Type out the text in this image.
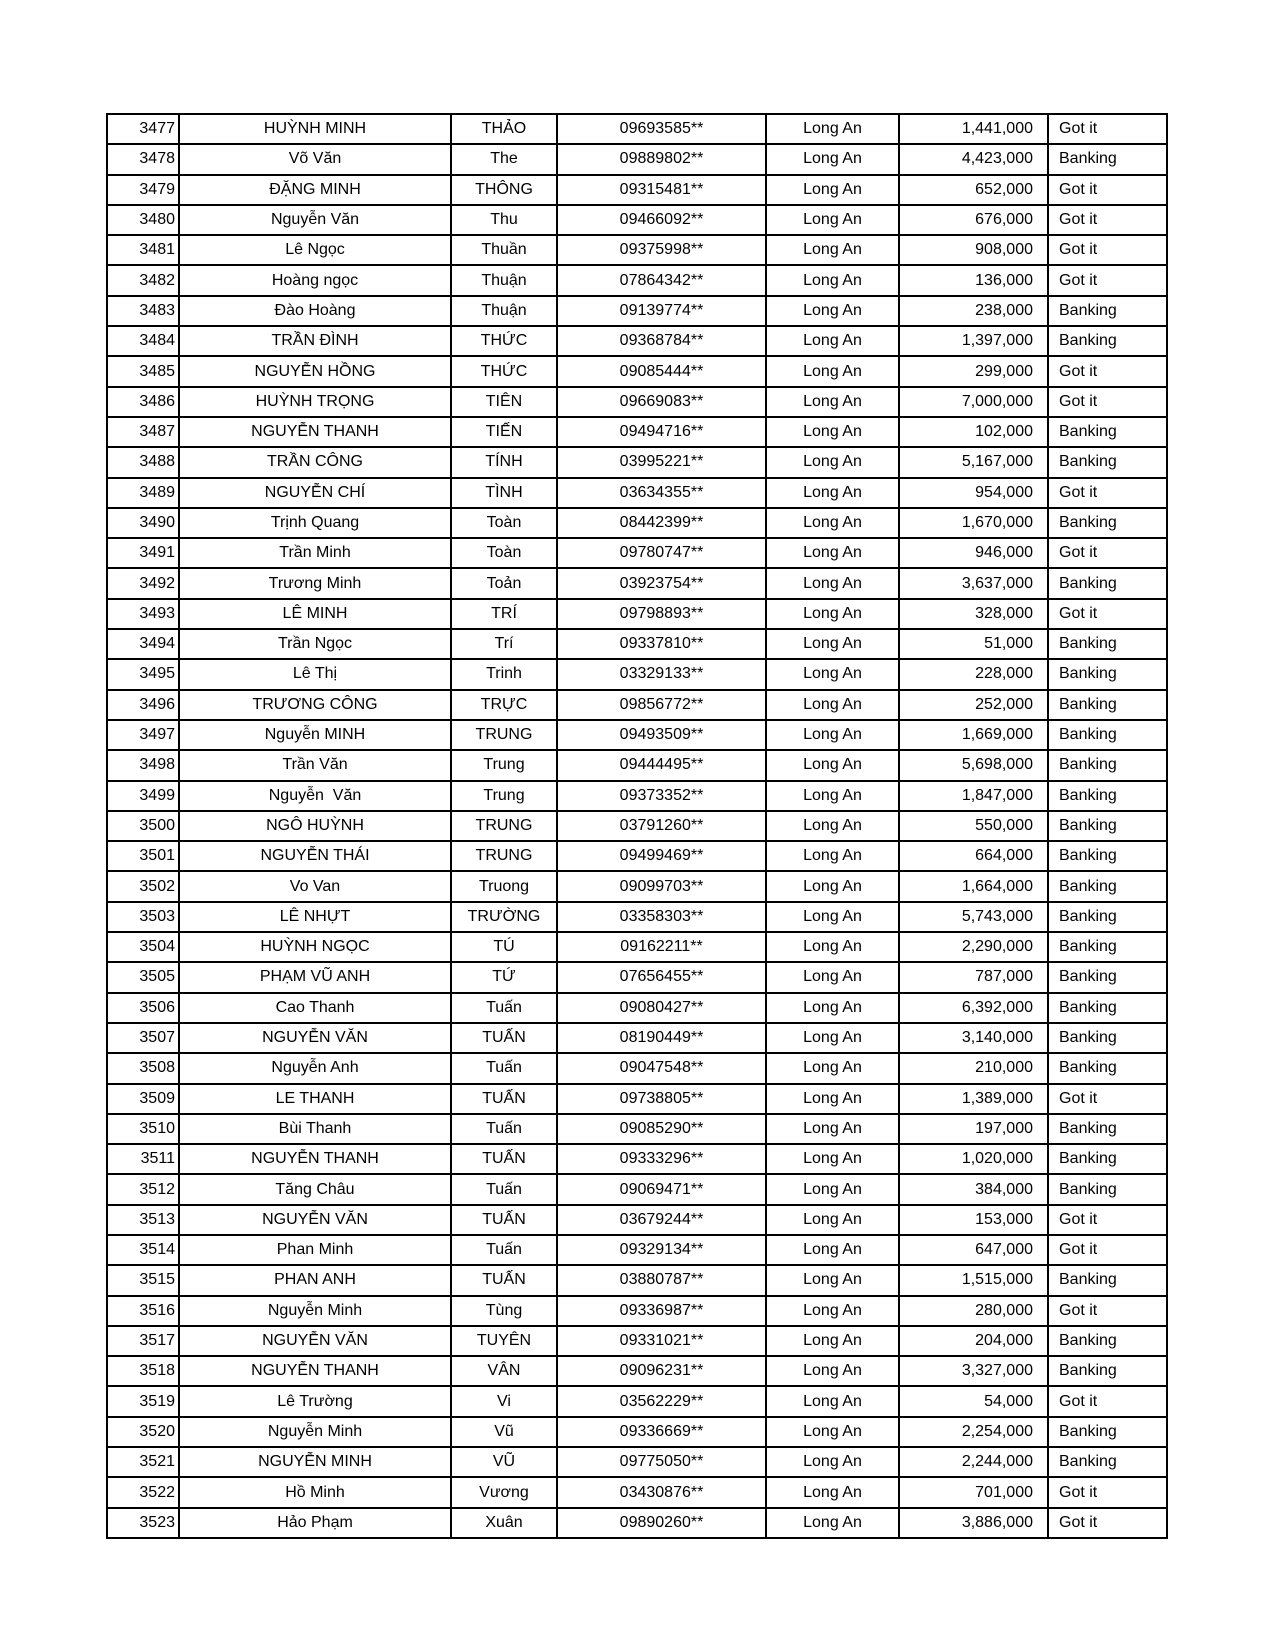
3477	HUỲNH MINH	THẢO	09693585**	Long An	1,441,000	Got it
3478	Võ Văn	The	09889802**	Long An	4,423,000	Banking
3479	ĐẶNG MINH	THÔNG	09315481**	Long An	652,000	Got it
3480	Nguyễn Văn	Thu	09466092**	Long An	676,000	Got it
3481	Lê Ngọc	Thuần	09375998**	Long An	908,000	Got it
3482	Hoàng ngọc	Thuận	07864342**	Long An	136,000	Got it
3483	Đào Hoàng	Thuận	09139774**	Long An	238,000	Banking
3484	TRẦN ĐÌNH	THỨC	09368784**	Long An	1,397,000	Banking
3485	NGUYỄN HỒNG	THỨC	09085444**	Long An	299,000	Got it
3486	HUỲNH TRỌNG	TIÊN	09669083**	Long An	7,000,000	Got it
3487	NGUYỄN THANH	TIẾN	09494716**	Long An	102,000	Banking
3488	TRẦN CÔNG	TÍNH	03995221**	Long An	5,167,000	Banking
3489	NGUYỄN CHÍ	TÌNH	03634355**	Long An	954,000	Got it
3490	Trịnh Quang	Toàn	08442399**	Long An	1,670,000	Banking
3491	Trần Minh	Toàn	09780747**	Long An	946,000	Got it
3492	Trương Minh	Toản	03923754**	Long An	3,637,000	Banking
3493	LÊ MINH	TRÍ	09798893**	Long An	328,000	Got it
3494	Trần Ngọc	Trí	09337810**	Long An	51,000	Banking
3495	Lê Thị	Trinh	03329133**	Long An	228,000	Banking
3496	TRƯƠNG CÔNG	TRỰC	09856772**	Long An	252,000	Banking
3497	Nguyễn MINH	TRUNG	09493509**	Long An	1,669,000	Banking
3498	Trần Văn	Trung	09444495**	Long An	5,698,000	Banking
3499	Nguyễn  Văn	Trung	09373352**	Long An	1,847,000	Banking
3500	NGÔ HUỲNH	TRUNG	03791260**	Long An	550,000	Banking
3501	NGUYỄN THÁI	TRUNG	09499469**	Long An	664,000	Banking
3502	Vo Van	Truong	09099703**	Long An	1,664,000	Banking
3503	LÊ NHỰT	TRƯỜNG	03358303**	Long An	5,743,000	Banking
3504	HUỲNH NGỌC	TÚ	09162211**	Long An	2,290,000	Banking
3505	PHẠM VŨ ANH	TỨ	07656455**	Long An	787,000	Banking
3506	Cao Thanh	Tuấn	09080427**	Long An	6,392,000	Banking
3507	NGUYỄN VĂN	TUẤN	08190449**	Long An	3,140,000	Banking
3508	Nguyễn Anh	Tuấn	09047548**	Long An	210,000	Banking
3509	LE THANH	TUẤN	09738805**	Long An	1,389,000	Got it
3510	Bùi Thanh	Tuấn	09085290**	Long An	197,000	Banking
3511	NGUYỄN THANH	TUẤN	09333296**	Long An	1,020,000	Banking
3512	Tăng Châu	Tuấn	09069471**	Long An	384,000	Banking
3513	NGUYỄN VĂN	TUẤN	03679244**	Long An	153,000	Got it
3514	Phan Minh	Tuấn	09329134**	Long An	647,000	Got it
3515	PHAN ANH	TUẤN	03880787**	Long An	1,515,000	Banking
3516	Nguyễn Minh	Tùng	09336987**	Long An	280,000	Got it
3517	NGUYỄN VĂN	TUYÊN	09331021**	Long An	204,000	Banking
3518	NGUYỄN THANH	VÂN	09096231**	Long An	3,327,000	Banking
3519	Lê Trường	Vi	03562229**	Long An	54,000	Got it
3520	Nguyễn Minh	Vũ	09336669**	Long An	2,254,000	Banking
3521	NGUYỄN MINH	VŨ	09775050**	Long An	2,244,000	Banking
3522	Hồ Minh	Vương	03430876**	Long An	701,000	Got it
3523	Hảo Phạm	Xuân	09890260**	Long An	3,886,000	Got it
